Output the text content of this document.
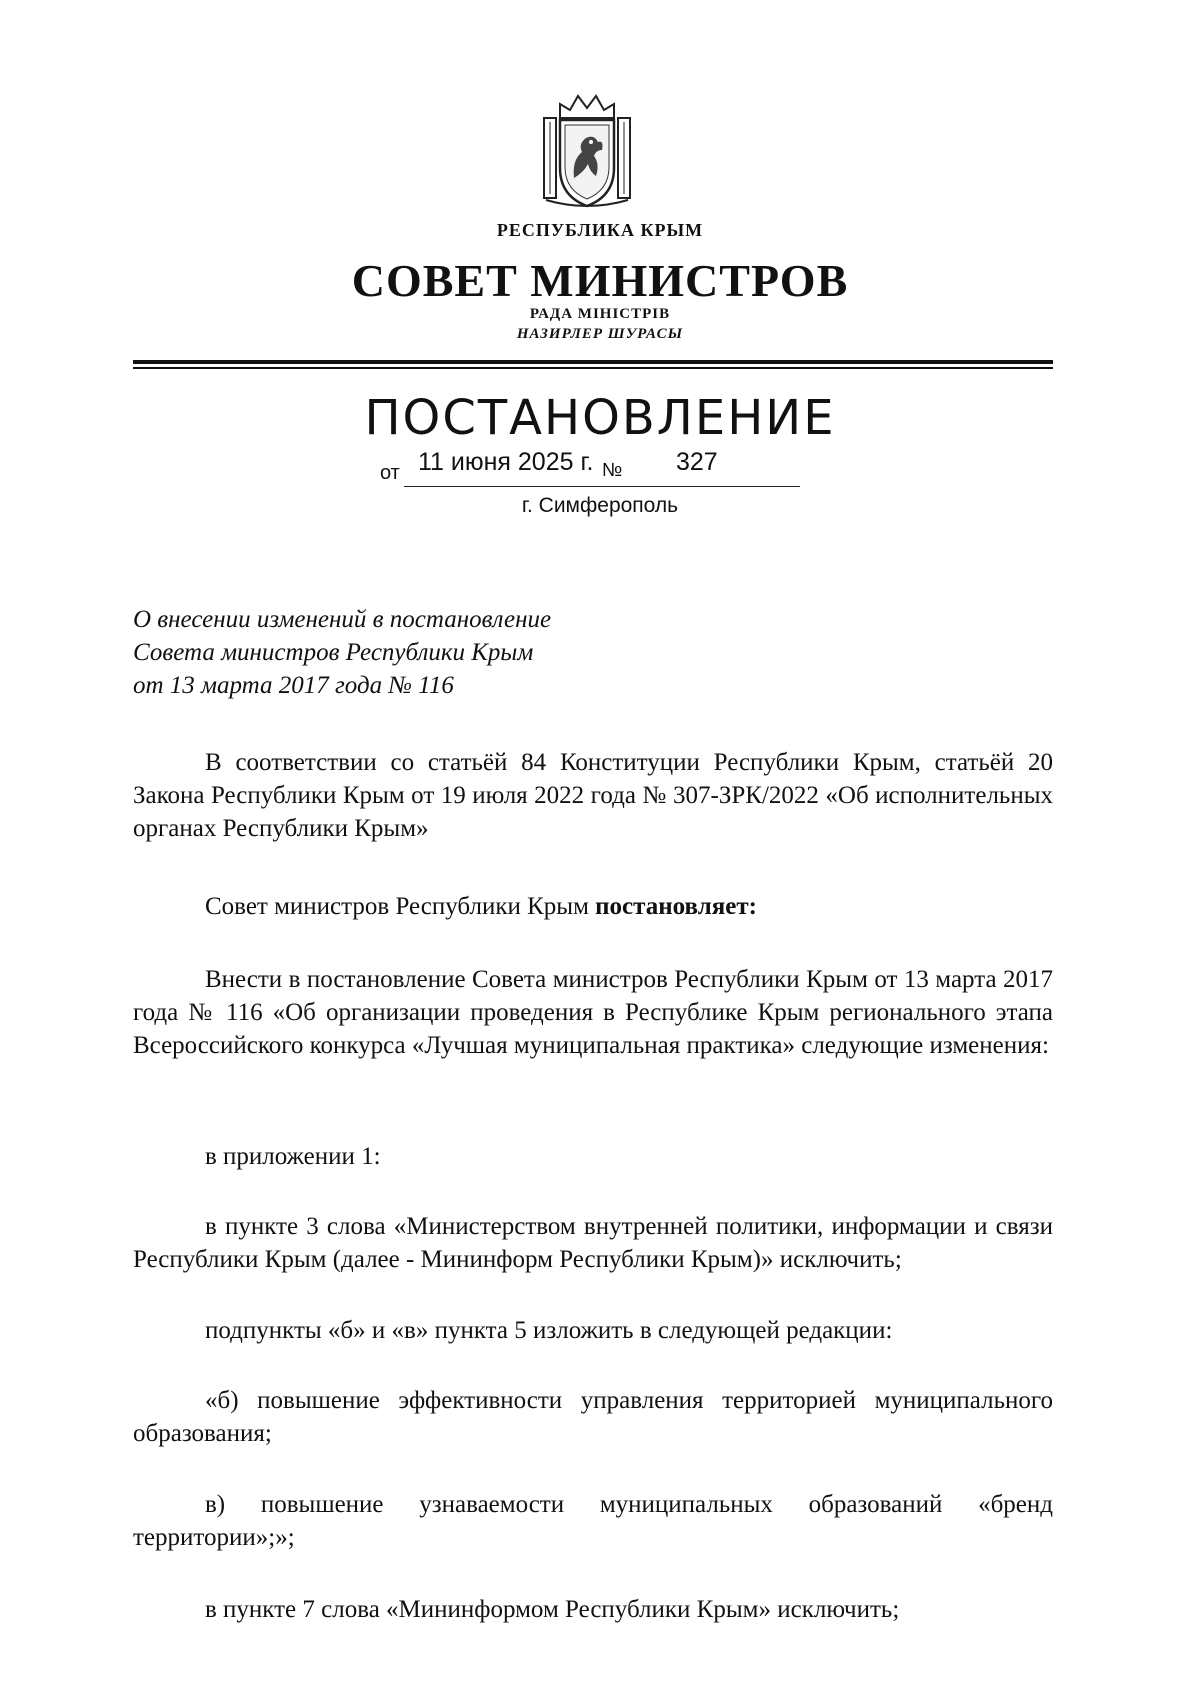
РЕСПУБЛИКА КРЫМ
СОВЕТ МИНИСТРОВ
РАДА МІНІСТРІВ
НАЗИРЛЕР ШУРАСЫ
ПОСТАНОВЛЕНИЕ
от 11 июня 2025 г. № 327
г. Симферополь
О внесении изменений в постановление
Совета министров Республики Крым
от 13 марта 2017 года № 116
В соответствии со статьёй 84 Конституции Республики Крым, статьёй 20 Закона Республики Крым от 19 июля 2022 года № 307-ЗРК/2022 «Об исполнительных органах Республики Крым»
Совет министров Республики Крым постановляет:
Внести в постановление Совета министров Республики Крым от 13 марта 2017 года № 116 «Об организации проведения в Республике Крым регионального этапа Всероссийского конкурса «Лучшая муниципальная практика» следующие изменения:
в приложении 1:
в пункте 3 слова «Министерством внутренней политики, информации и связи Республики Крым (далее - Мининформ Республики Крым)» исключить;
подпункты «б» и «в» пункта 5 изложить в следующей редакции:
«б) повышение эффективности управления территорией муниципального образования;
в) повышение узнаваемости муниципальных образований «бренд территории»;»;
в пункте 7 слова «Мининформом Республики Крым» исключить;
